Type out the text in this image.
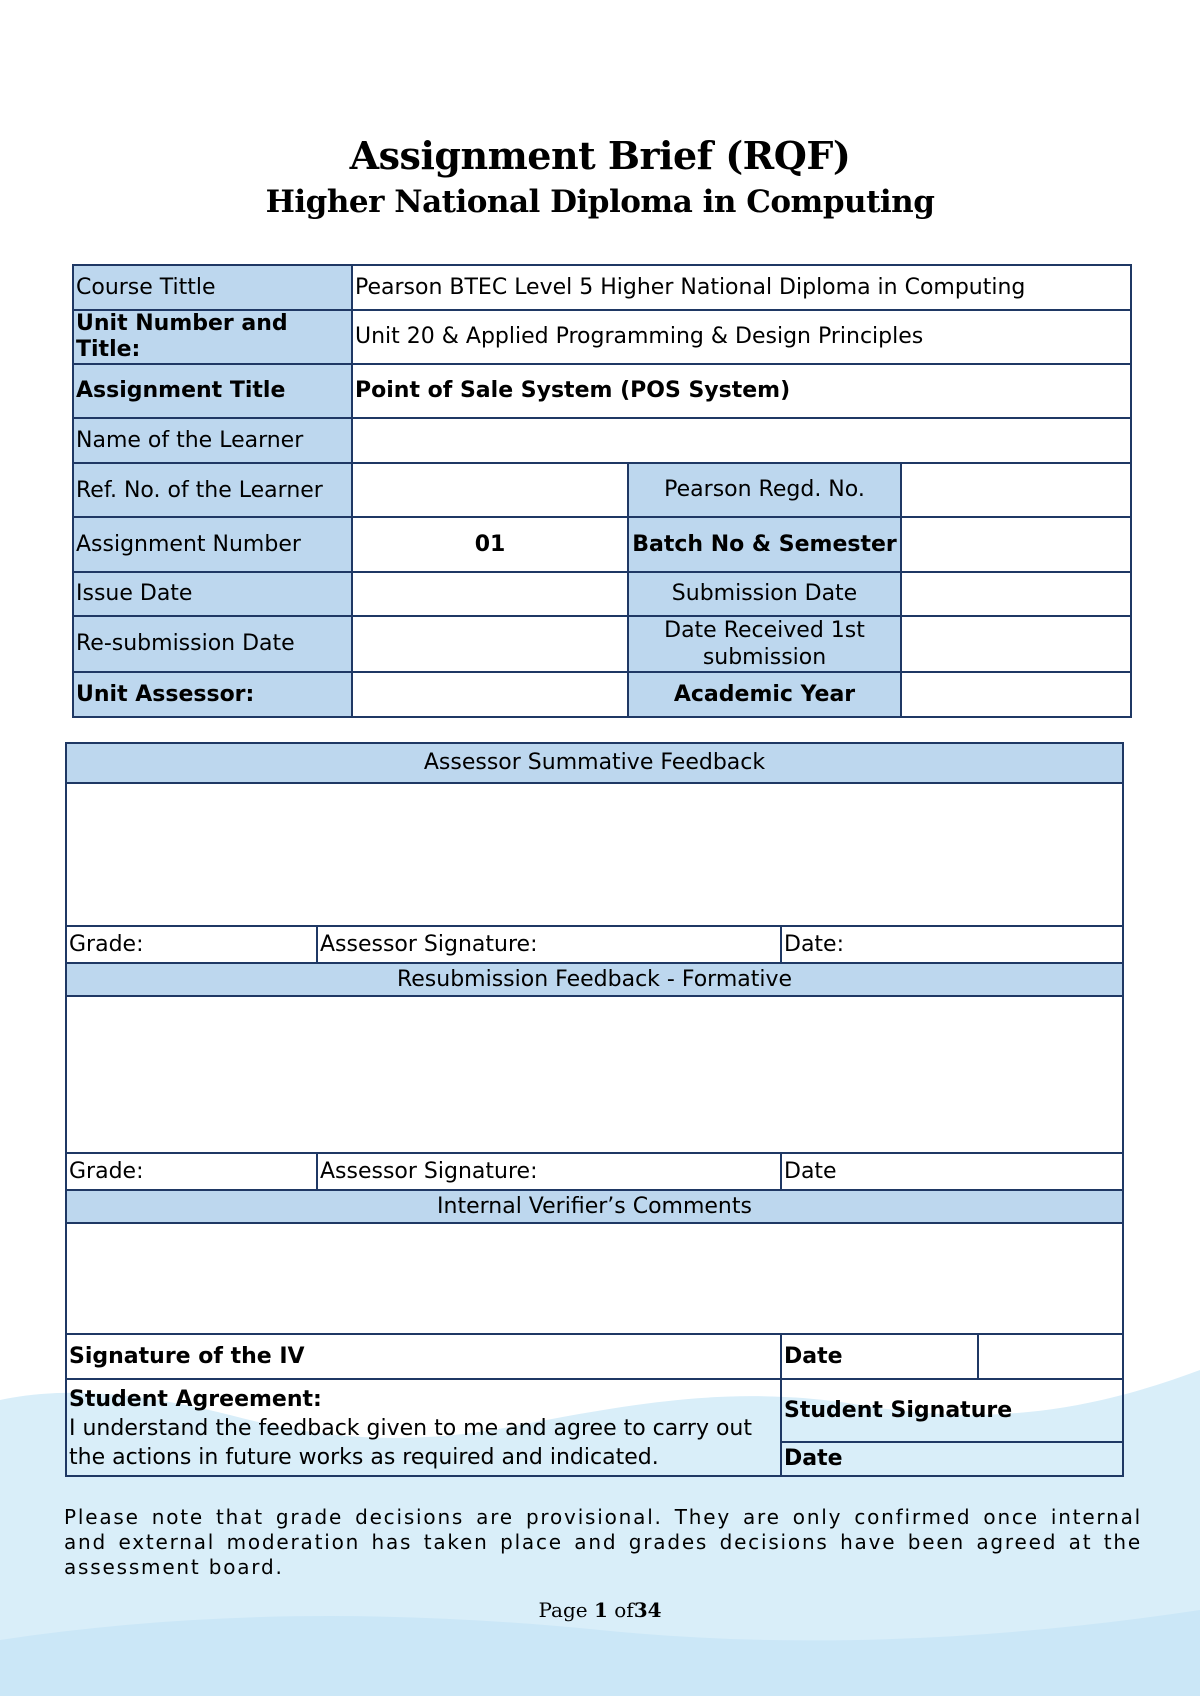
Assignment Brief (RQF)
Higher National Diploma in Computing
Course Tittle	Pearson BTEC Level 5 Higher National Diploma in Computing		
Unit Number and Title:	Unit 20 & Applied Programming & Design Principles		
Assignment Title	Point of Sale System (POS System)		
Name of the Learner			
Ref. No. of the Learner		Pearson Regd. No.	
Assignment Number	01	Batch No & Semester	
Issue Date		Submission Date	
Re-submission Date		Date Received 1st submission	
Unit Assessor:		Academic Year	
Assessor Summative Feedback			

Grade:	Assessor Signature:	Date:	
Resubmission Feedback - Formative			

Grade:	Assessor Signature:	Date	
Internal Verifier’s Comments			

Signature of the IV		Date	

Student Agreement:
I understand the feedback given to me and agree to carry out the actions in future works as required and indicated.		Student Signature	
		Date	
Please note that grade decisions are provisional. They are only confirmed once internal and external moderation has taken place and grades decisions have been agreed at the assessment board.
Page 1 of34
